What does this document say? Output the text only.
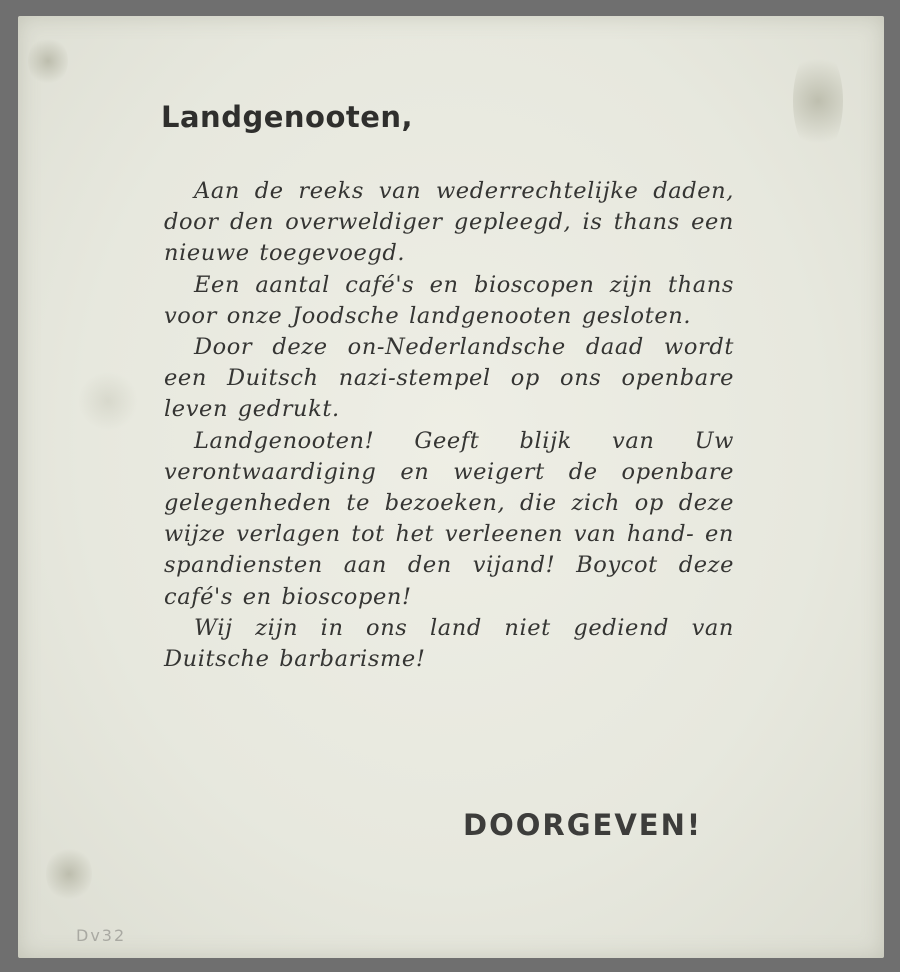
Landgenooten,

Aan de reeks van wederrechtelijke daden, door den overweldiger gepleegd, is thans een nieuwe toegevoegd.

Een aantal café's en bioscopen zijn thans voor onze Joodsche landgenooten gesloten.

Door deze on-Nederlandsche daad wordt een Duitsch nazi-stempel op ons openbare leven gedrukt.

Landgenooten! Geeft blijk van Uw verontwaardiging en weigert de openbare gelegenheden te bezoeken, die zich op deze wijze verlagen tot het verleenen van hand- en spandiensten aan den vijand! Boycot deze café's en bioscopen!

Wij zijn in ons land niet gediend van Duitsche barbarisme!

DOORGEVEN!

Dv32
